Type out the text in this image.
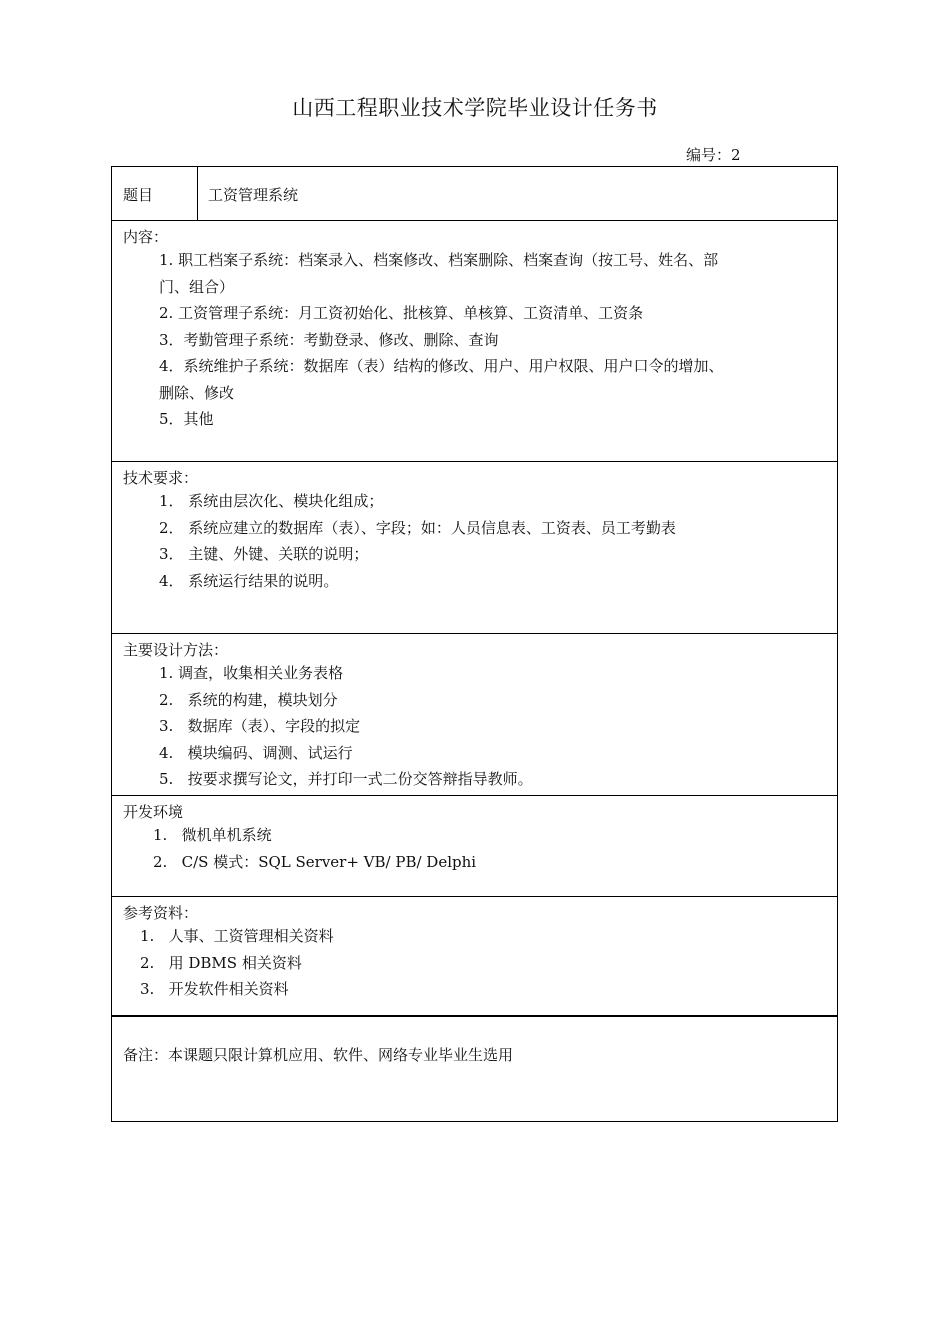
山西工程职业技术学院毕业设计任务书
编号：2
题目	工资管理系统
内容：
1. 职工档案子系统：档案录入、档案修改、档案删除、档案查询（按工号、姓名、部
门、组合）
2. 工资管理子系统：月工资初始化、批核算、单核算、工资清单、工资条
3．考勤管理子系统：考勤登录、修改、删除、查询
4．系统维护子系统：数据库（表）结构的修改、用户、用户权限、用户口令的增加、
删除、修改
5．其他
技术要求：
1． 系统由层次化、模块化组成；
2． 系统应建立的数据库（表）、字段；如：人员信息表、工资表、员工考勤表
3． 主键、外键、关联的说明；
4． 系统运行结果的说明。
主要设计方法：
1. 调查，收集相关业务表格
2.   系统的构建，模块划分
3.   数据库（表）、字段的拟定
4.   模块编码、调测、试运行
5.   按要求撰写论文，并打印一式二份交答辩指导教师。
开发环境
1.   微机单机系统
2.   C/S 模式：SQL Server+ VB/ PB/ Delphi
参考资料：
1.   人事、工资管理相关资料
2.   用 DBMS 相关资料
3.   开发软件相关资料
备注：本课题只限计算机应用、软件、网络专业毕业生选用
